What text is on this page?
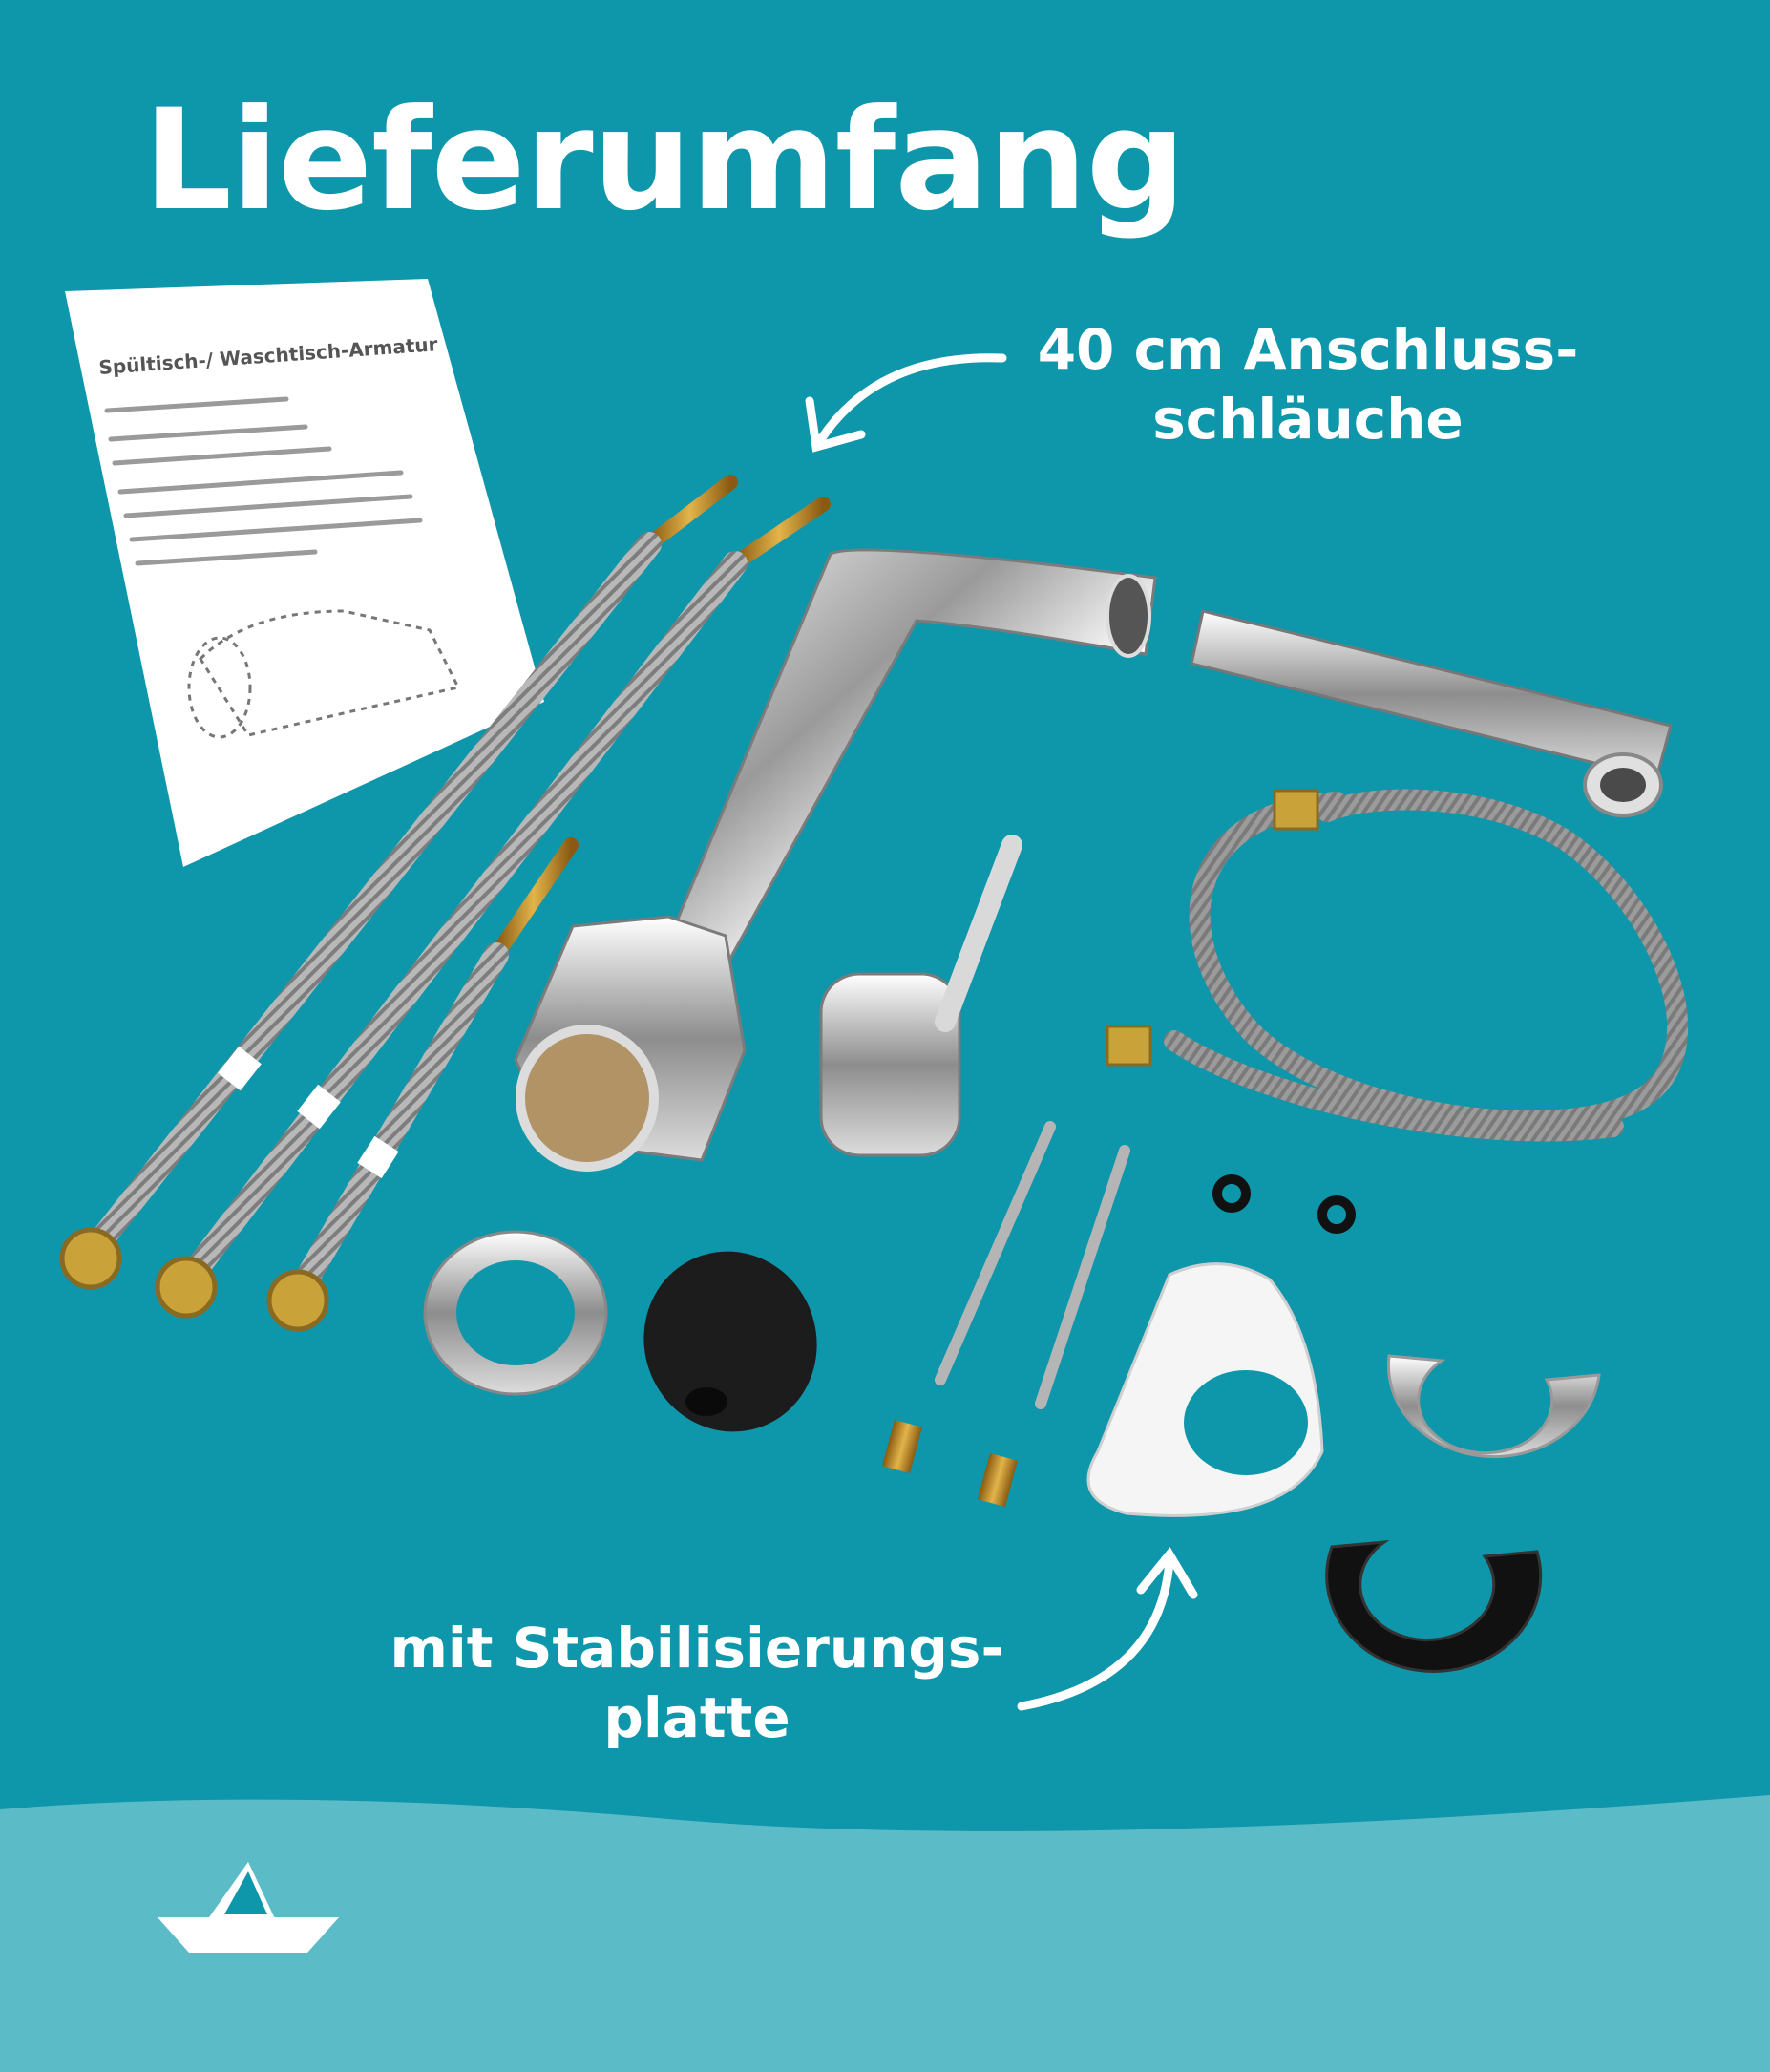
Lieferumfang
40 cm Anschluss-
schläuche
mit Stabilisierungs-
platte
Spültisch-/ Waschtisch-Armatur
